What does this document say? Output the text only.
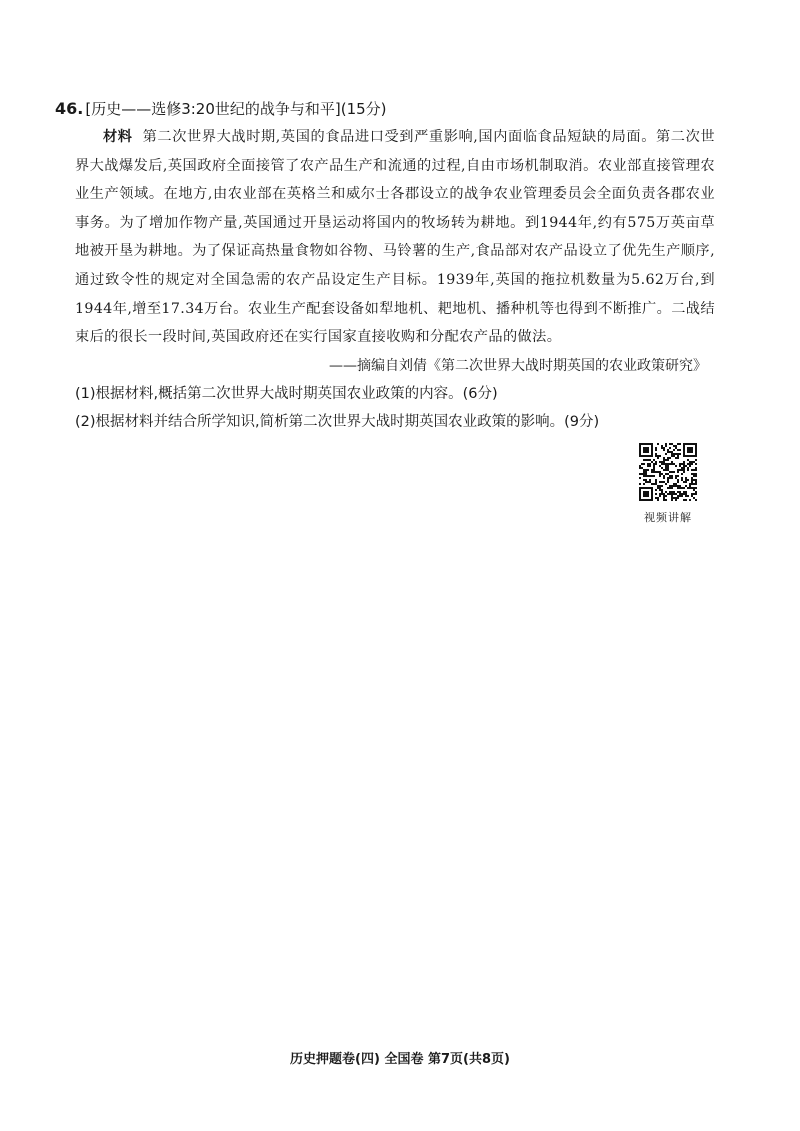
46. [历史——选修3:20世纪的战争与和平](15分)
材料 第二次世界大战时期,英国的食品进口受到严重影响,国内面临食品短缺的局面。第二次世界大战爆发后,英国政府全面接管了农产品生产和流通的过程,自由市场机制取消。农业部直接管理农业生产领域。在地方,由农业部在英格兰和威尔士各郡设立的战争农业管理委员会全面负责各郡农业事务。为了增加作物产量,英国通过开垦运动将国内的牧场转为耕地。到1944年,约有575万英亩草地被开垦为耕地。为了保证高热量食物如谷物、马铃薯的生产,食品部对农产品设立了优先生产顺序,通过致令性的规定对全国急需的农产品设定生产目标。1939年,英国的拖拉机数量为5.62万台,到1944年,增至17.34万台。农业生产配套设备如犁地机、耙地机、播种机等也得到不断推广。二战结束后的很长一段时间,英国政府还在实行国家直接收购和分配农产品的做法。
——摘编自刘倩《第二次世界大战时期英国的农业政策研究》
(1)根据材料,概括第二次世界大战时期英国农业政策的内容。(6分)
(2)根据材料并结合所学知识,简析第二次世界大战时期英国农业政策的影响。(9分)
视频讲解
历史押题卷(四) 全国卷 第7页(共8页)
